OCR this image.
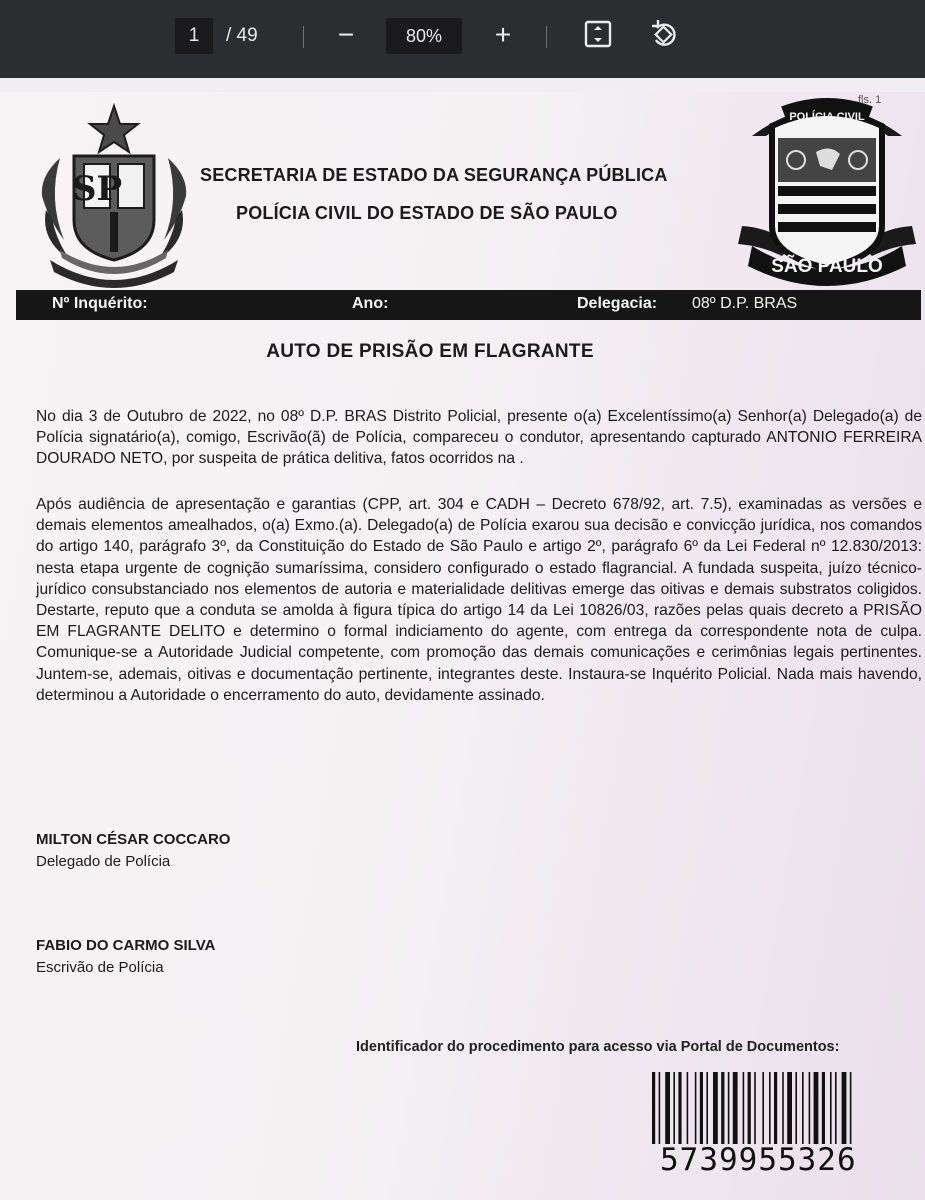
1	/ 49	−	80%	+
SP
fls. 1
SECRETARIA DE ESTADO DA SEGURANÇA PÚBLICA
POLÍCIA CIVIL DO ESTADO DE SÃO PAULO
POLÍCIA CIVIL
SÃO PAULO
Nº Inquérito:	Ano:	Delegacia: 08º D.P. BRAS
AUTO DE PRISÃO EM FLAGRANTE

No dia 3 de Outubro de 2022, no 08º D.P. BRAS Distrito Policial, presente o(a) Excelentíssimo(a) Senhor(a) Delegado(a) de Polícia signatário(a), comigo, Escrivão(ã) de Polícia, compareceu o condutor, apresentando capturado ANTONIO FERREIRA DOURADO NETO, por suspeita de prática delitiva, fatos ocorridos na .

Após audiência de apresentação e garantias (CPP, art. 304 e CADH – Decreto 678/92, art. 7.5), examinadas as versões e demais elementos amealhados, o(a) Exmo.(a). Delegado(a) de Polícia exarou sua decisão e convicção jurídica, nos comandos do artigo 140, parágrafo 3º, da Constituição do Estado de São Paulo e artigo 2º, parágrafo 6º da Lei Federal nº 12.830/2013: nesta etapa urgente de cognição sumaríssima, considero configurado o estado flagrancial. A fundada suspeita, juízo técnico-jurídico consubstanciado nos elementos de autoria e materialidade delitivas emerge das oitivas e demais substratos coligidos. Destarte, reputo que a conduta se amolda à figura típica do artigo 14 da Lei 10826/03, razões pelas quais decreto a PRISÃO EM FLAGRANTE DELITO e determino o formal indiciamento do agente, com entrega da correspondente nota de culpa. Comunique-se a Autoridade Judicial competente, com promoção das demais comunicações e cerimônias legais pertinentes. Juntem-se, ademais, oitivas e documentação pertinente, integrantes deste. Instaura-se Inquérito Policial. Nada mais havendo, determinou a Autoridade o encerramento do auto, devidamente assinado.

MILTON CÉSAR COCCARO
Delegado de Polícia
FABIO DO CARMO SILVA
Escrivão de Polícia
Identificador do procedimento para acesso via Portal de Documentos:
5739955326
